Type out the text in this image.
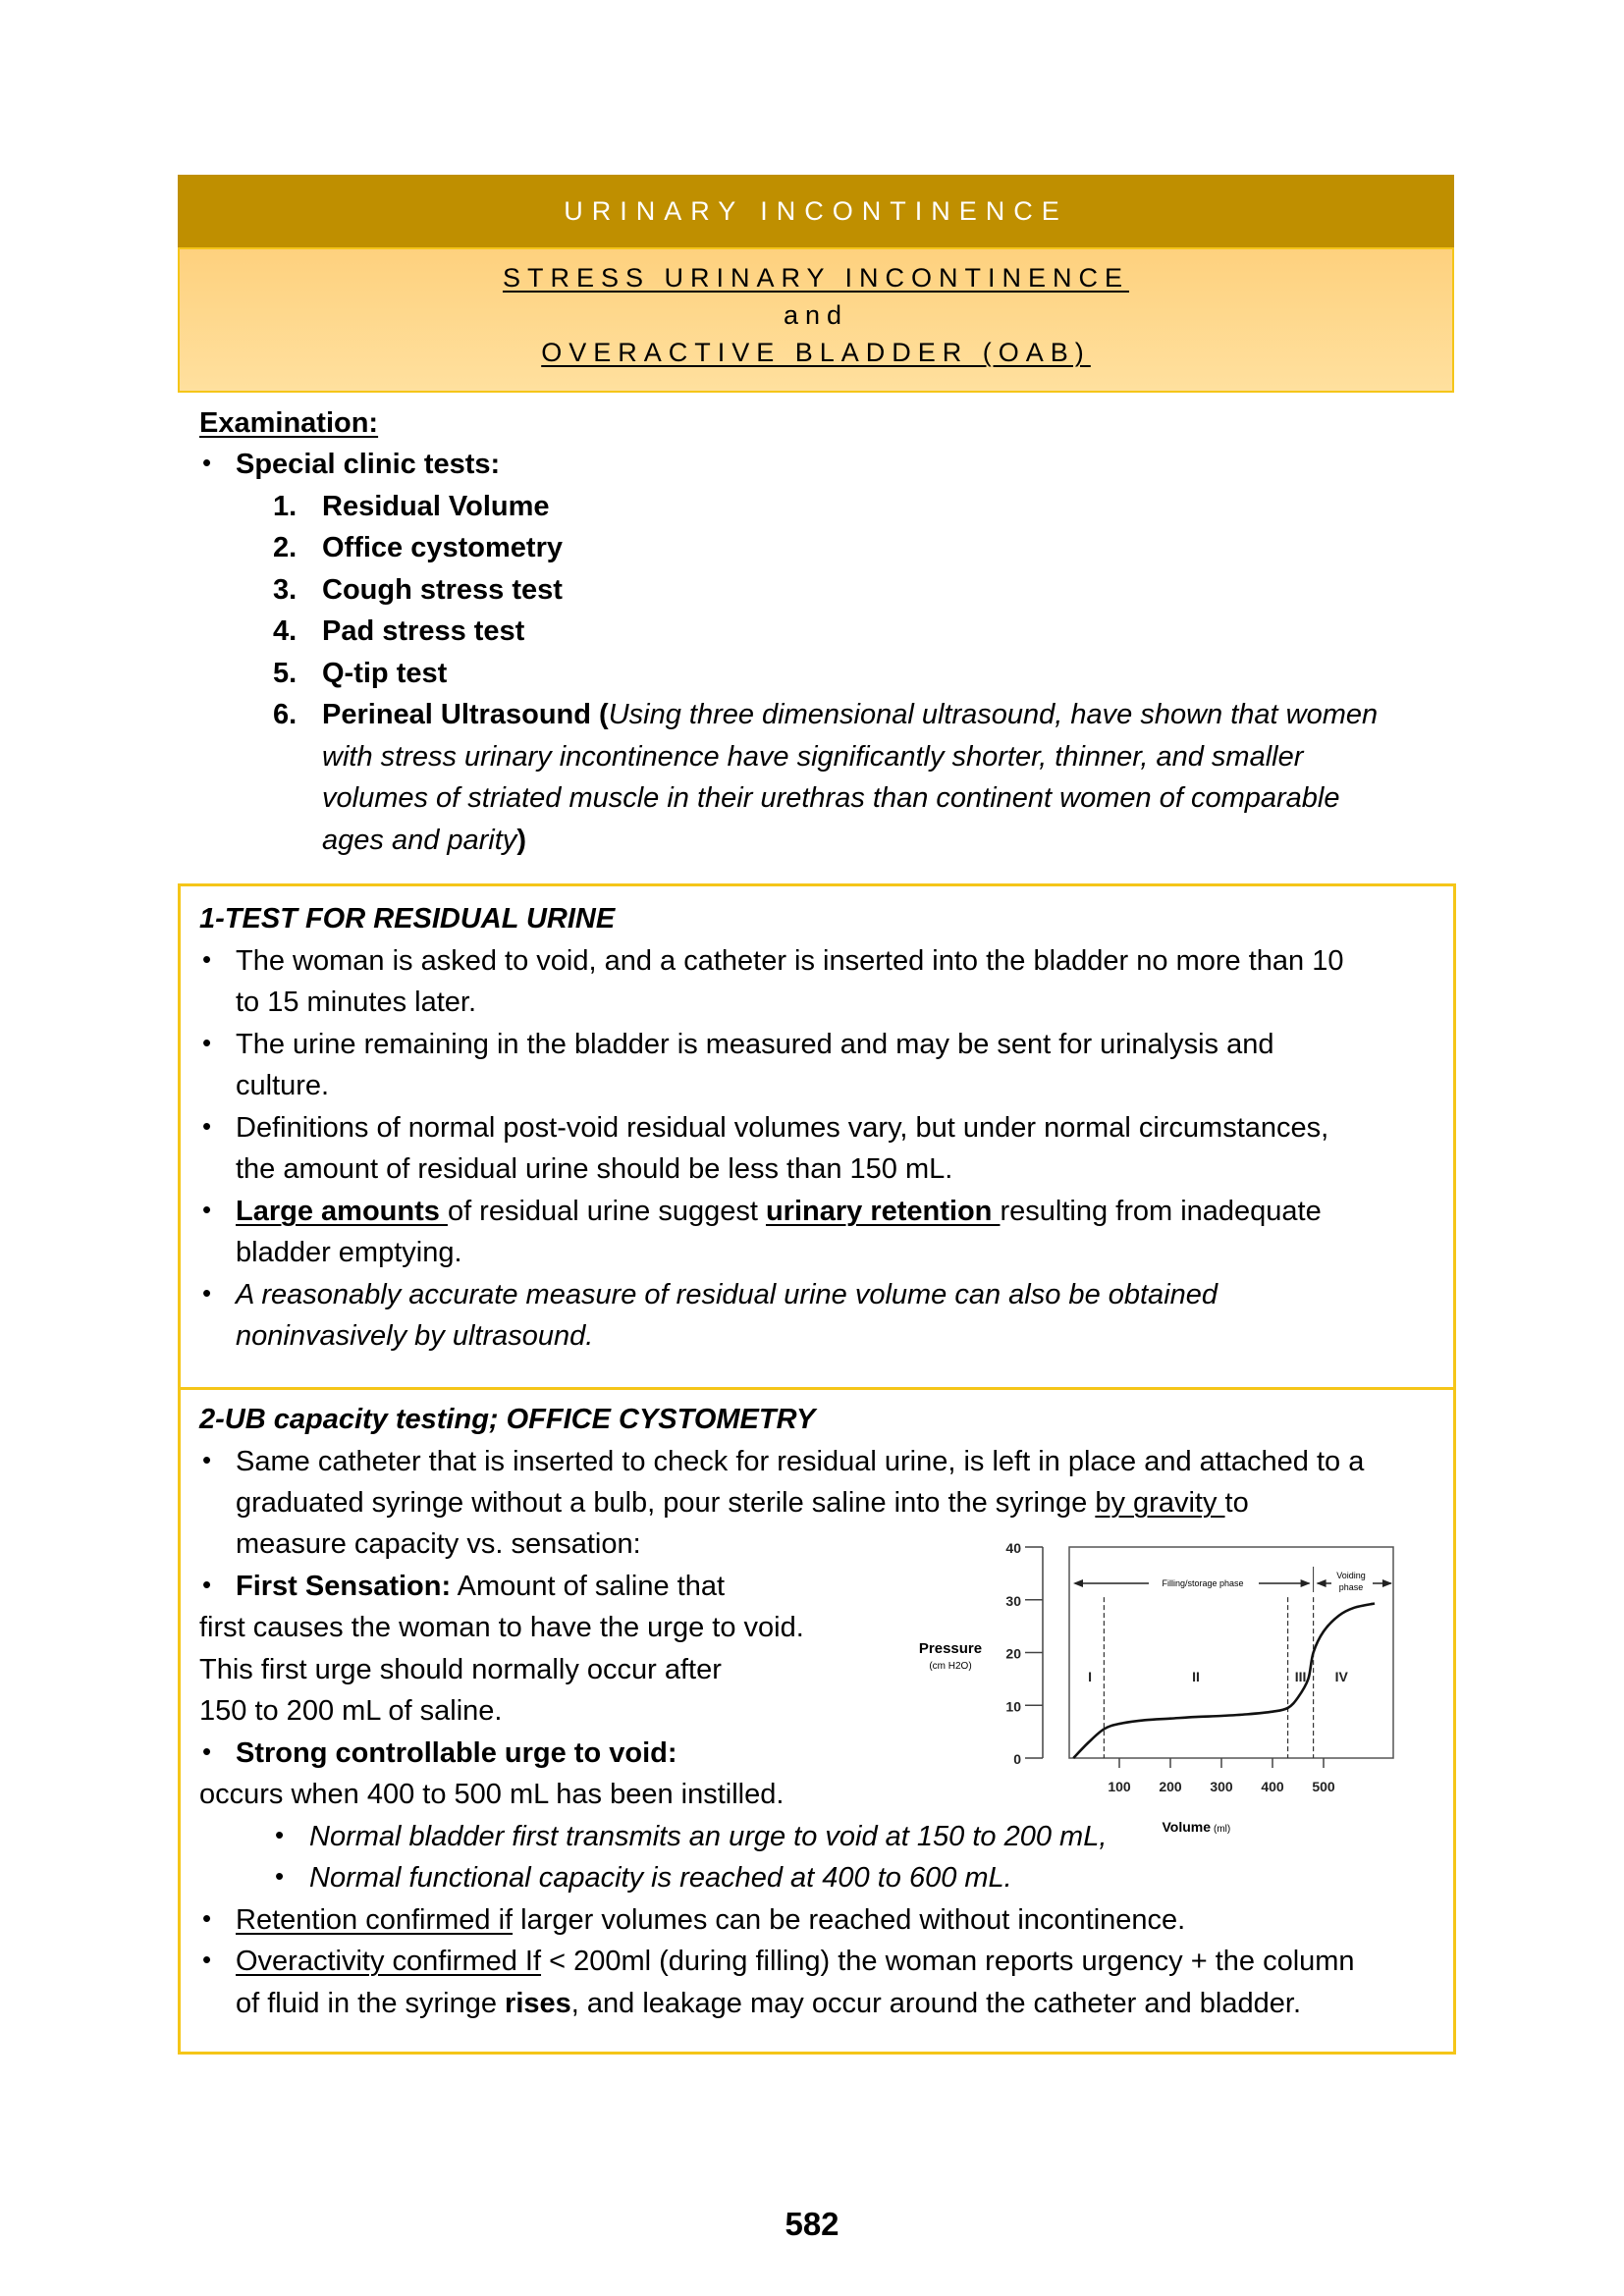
URINARY INCONTINENCE
STRESS URINARY INCONTINENCE
and
OVERACTIVE BLADDER (OAB)
Examination:
• Special clinic tests:
1. Residual Volume
2. Office cystometry
3. Cough stress test
4. Pad stress test
5. Q-tip test
6. Perineal Ultrasound (Using three dimensional ultrasound, have shown that women
with stress urinary incontinence have significantly shorter, thinner, and smaller
volumes of striated muscle in their urethras than continent women of comparable
ages and parity)
1-TEST FOR RESIDUAL URINE
• The woman is asked to void, and a catheter is inserted into the bladder no more than 10
to 15 minutes later.
• The urine remaining in the bladder is measured and may be sent for urinalysis and
culture.
• Definitions of normal post-void residual volumes vary, but under normal circumstances,
the amount of residual urine should be less than 150 mL.
• Large amounts of residual urine suggest urinary retention resulting from inadequate
bladder emptying.
• A reasonably accurate measure of residual urine volume can also be obtained
noninvasively by ultrasound.
2-UB capacity testing; OFFICE CYSTOMETRY
• Same catheter that is inserted to check for residual urine, is left in place and attached to a
graduated syringe without a bulb, pour sterile saline into the syringe by gravity to
measure capacity vs. sensation:
• First Sensation: Amount of saline that
first causes the woman to have the urge to void.
This first urge should normally occur after
150 to 200 mL of saline.
• Strong controllable urge to void:
occurs when 400 to 500 mL has been instilled.
• Normal bladder first transmits an urge to void at 150 to 200 mL,
• Normal functional capacity is reached at 400 to 600 mL.
• Retention confirmed if larger volumes can be reached without incontinence.
• Overactivity confirmed If < 200ml (during filling) the woman reports urgency + the column
of fluid in the syringe rises, and leakage may occur around the catheter and bladder.
0
10
20
30
40
100 200 300 400 500
I	II	III IV
Pressure
(cm H2O)
Volume (ml)
Filling/storage phase
Voiding
phase
582
